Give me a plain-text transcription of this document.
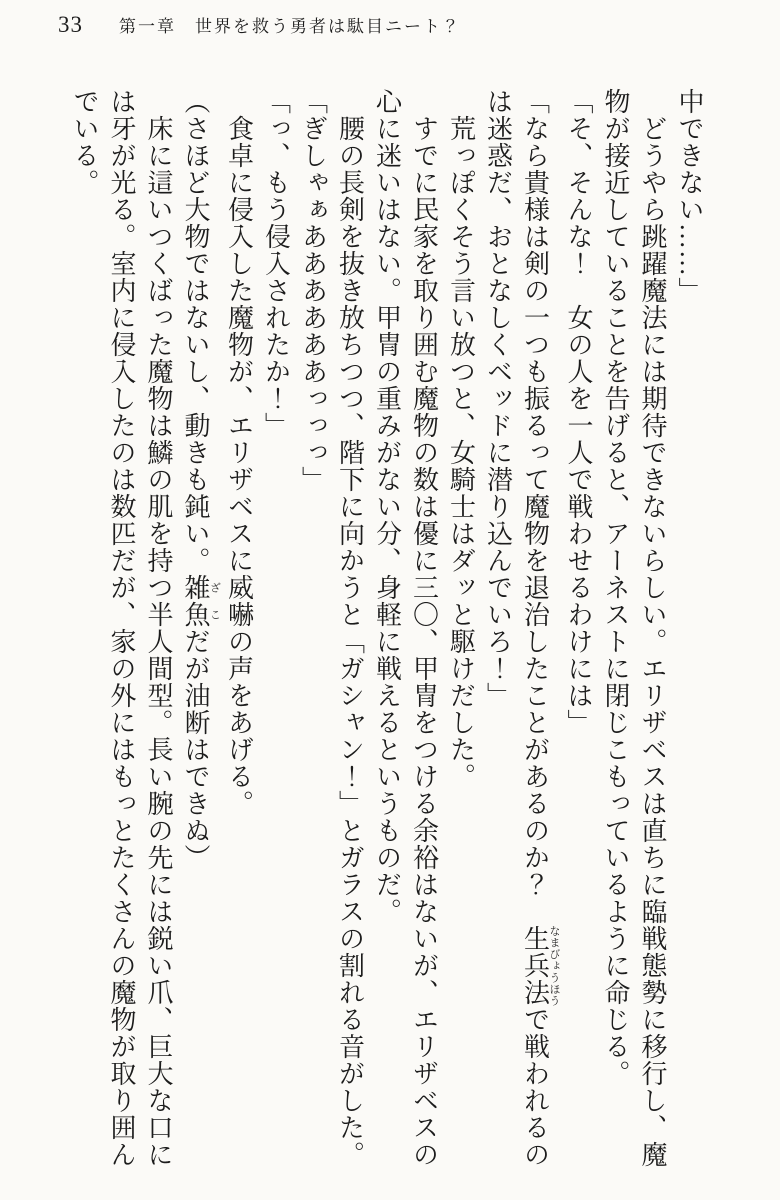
33 第一章　世界を救う勇者は駄目ニート？
中できない……」
　どうやら跳躍魔法には期待できないらしい。エリザベスは直ちに臨戦態勢に移行し、魔
物が接近していることを告げると、アーネストに閉じこもっているように命じる。
「そ、そんな！　女の人を一人で戦わせるわけには」
「なら貴様は剣の一つも振るって魔物を退治したことがあるのか？　生兵法なまびょうほうで戦われるの
は迷惑だ、おとなしくベッドに潜り込んでいろ！」
　荒っぽくそう言い放つと、女騎士はダッと駆けだした。
　すでに民家を取り囲む魔物の数は優に三〇、甲冑をつける余裕はないが、エリザベスの
心に迷いはない。甲冑の重みがない分、身軽に戦えるというものだ。
　腰の長剣を抜き放ちつつ、階下に向かうと「ガシャン！」とガラスの割れる音がした。
「ぎしゃぁああああああっっっ」
「っ、もう侵入されたか！」
　食卓に侵入した魔物が、エリザベスに威嚇の声をあげる。
（さほど大物ではないし、動きも鈍い。雑魚ざこだが油断はできぬ）
　床に這いつくばった魔物は鱗の肌を持つ半人間型。長い腕の先には鋭い爪、巨大な口に
は牙が光る。室内に侵入したのは数匹だが、家の外にはもっとたくさんの魔物が取り囲ん
でいる。
